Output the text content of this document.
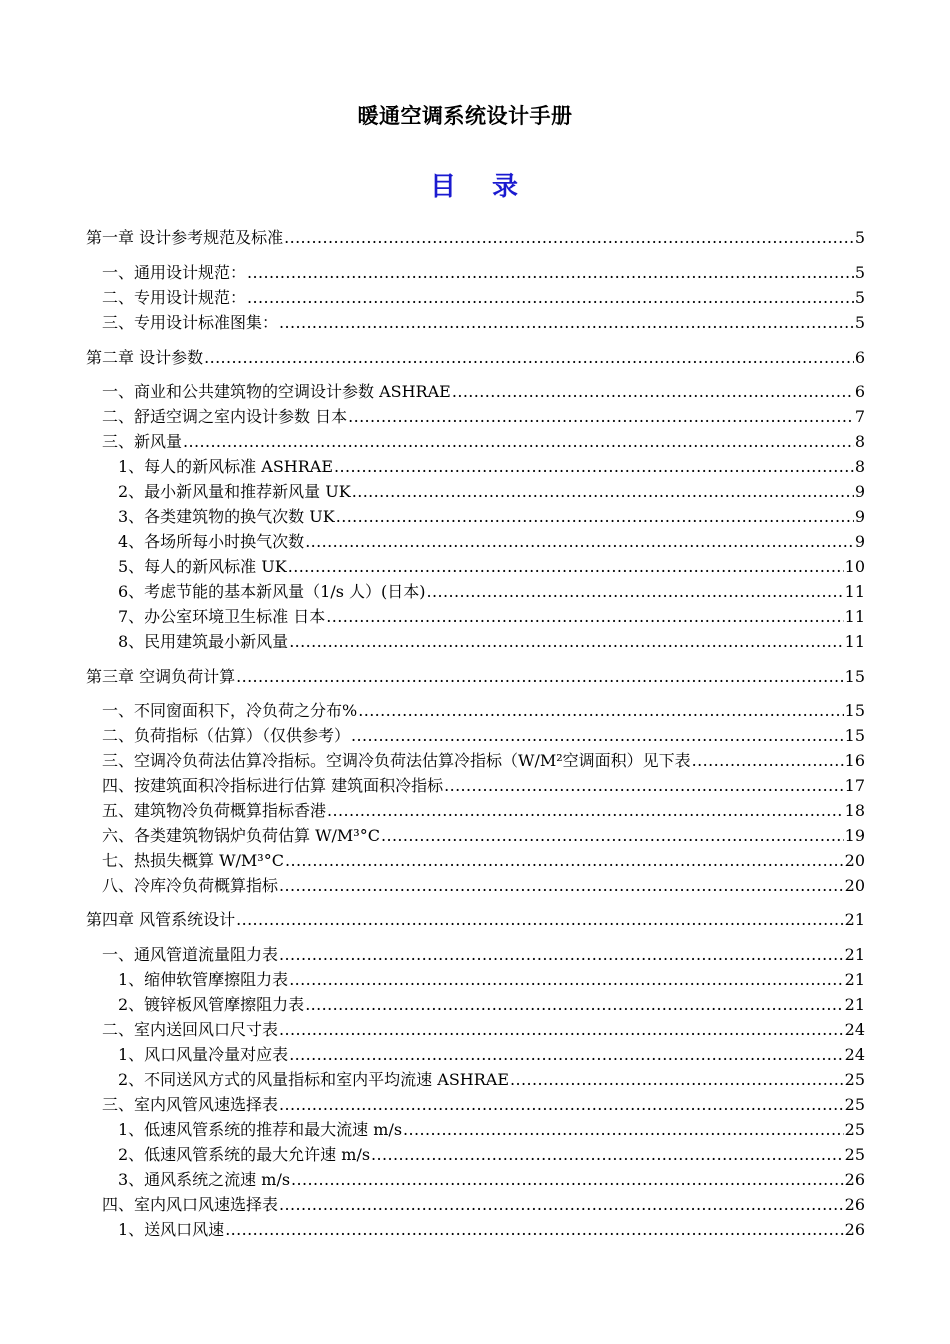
暖通空调系统设计手册
目 录
第一章 设计参考规范及标准 .....	5
一、通用设计规范： .....	5
二、专用设计规范： .....	5
三、专用设计标准图集： .....	5
第二章 设计参数 .....	6
一、商业和公共建筑物的空调设计参数 ASHRAE .....	6
二、舒适空调之室内设计参数 日本 .....	7
三、新风量 .....	8
1、每人的新风标准 ASHRAE .....	8
2、最小新风量和推荐新风量 UK .....	9
3、各类建筑物的换气次数 UK .....	9
4、各场所每小时换气次数 .....	9
5、每人的新风标准 UK .....	10
6、考虑节能的基本新风量（1/s 人）(日本) .....	11
7、办公室环境卫生标准 日本 .....	11
8、民用建筑最小新风量 .....	11
第三章 空调负荷计算 .....	15
一、不同窗面积下，冷负荷之分布% .....	15
二、负荷指标（估算）（仅供参考） .....	15
三、空调冷负荷法估算冷指标。空调冷负荷法估算冷指标（W/M²空调面积）见下表 .....	16
四、按建筑面积冷指标进行估算 建筑面积冷指标 .....	17
五、建筑物冷负荷概算指标香港 .....	18
六、各类建筑物锅炉负荷估算 W/M³°C .....	19
七、热损失概算 W/M³°C .....	20
八、冷库冷负荷概算指标 .....	20
第四章 风管系统设计 .....	21
一、通风管道流量阻力表 .....	21
1、缩伸软管摩擦阻力表 .....	21
2、镀锌板风管摩擦阻力表 .....	21
二、室内送回风口尺寸表 .....	24
1、风口风量冷量对应表 .....	24
2、不同送风方式的风量指标和室内平均流速 ASHRAE .....	25
三、室内风管风速选择表 .....	25
1、低速风管系统的推荐和最大流速 m/s .....	25
2、低速风管系统的最大允许速 m/s .....	25
3、通风系统之流速 m/s .....	26
四、室内风口风速选择表 .....	26
1、送风口风速 .....	26
